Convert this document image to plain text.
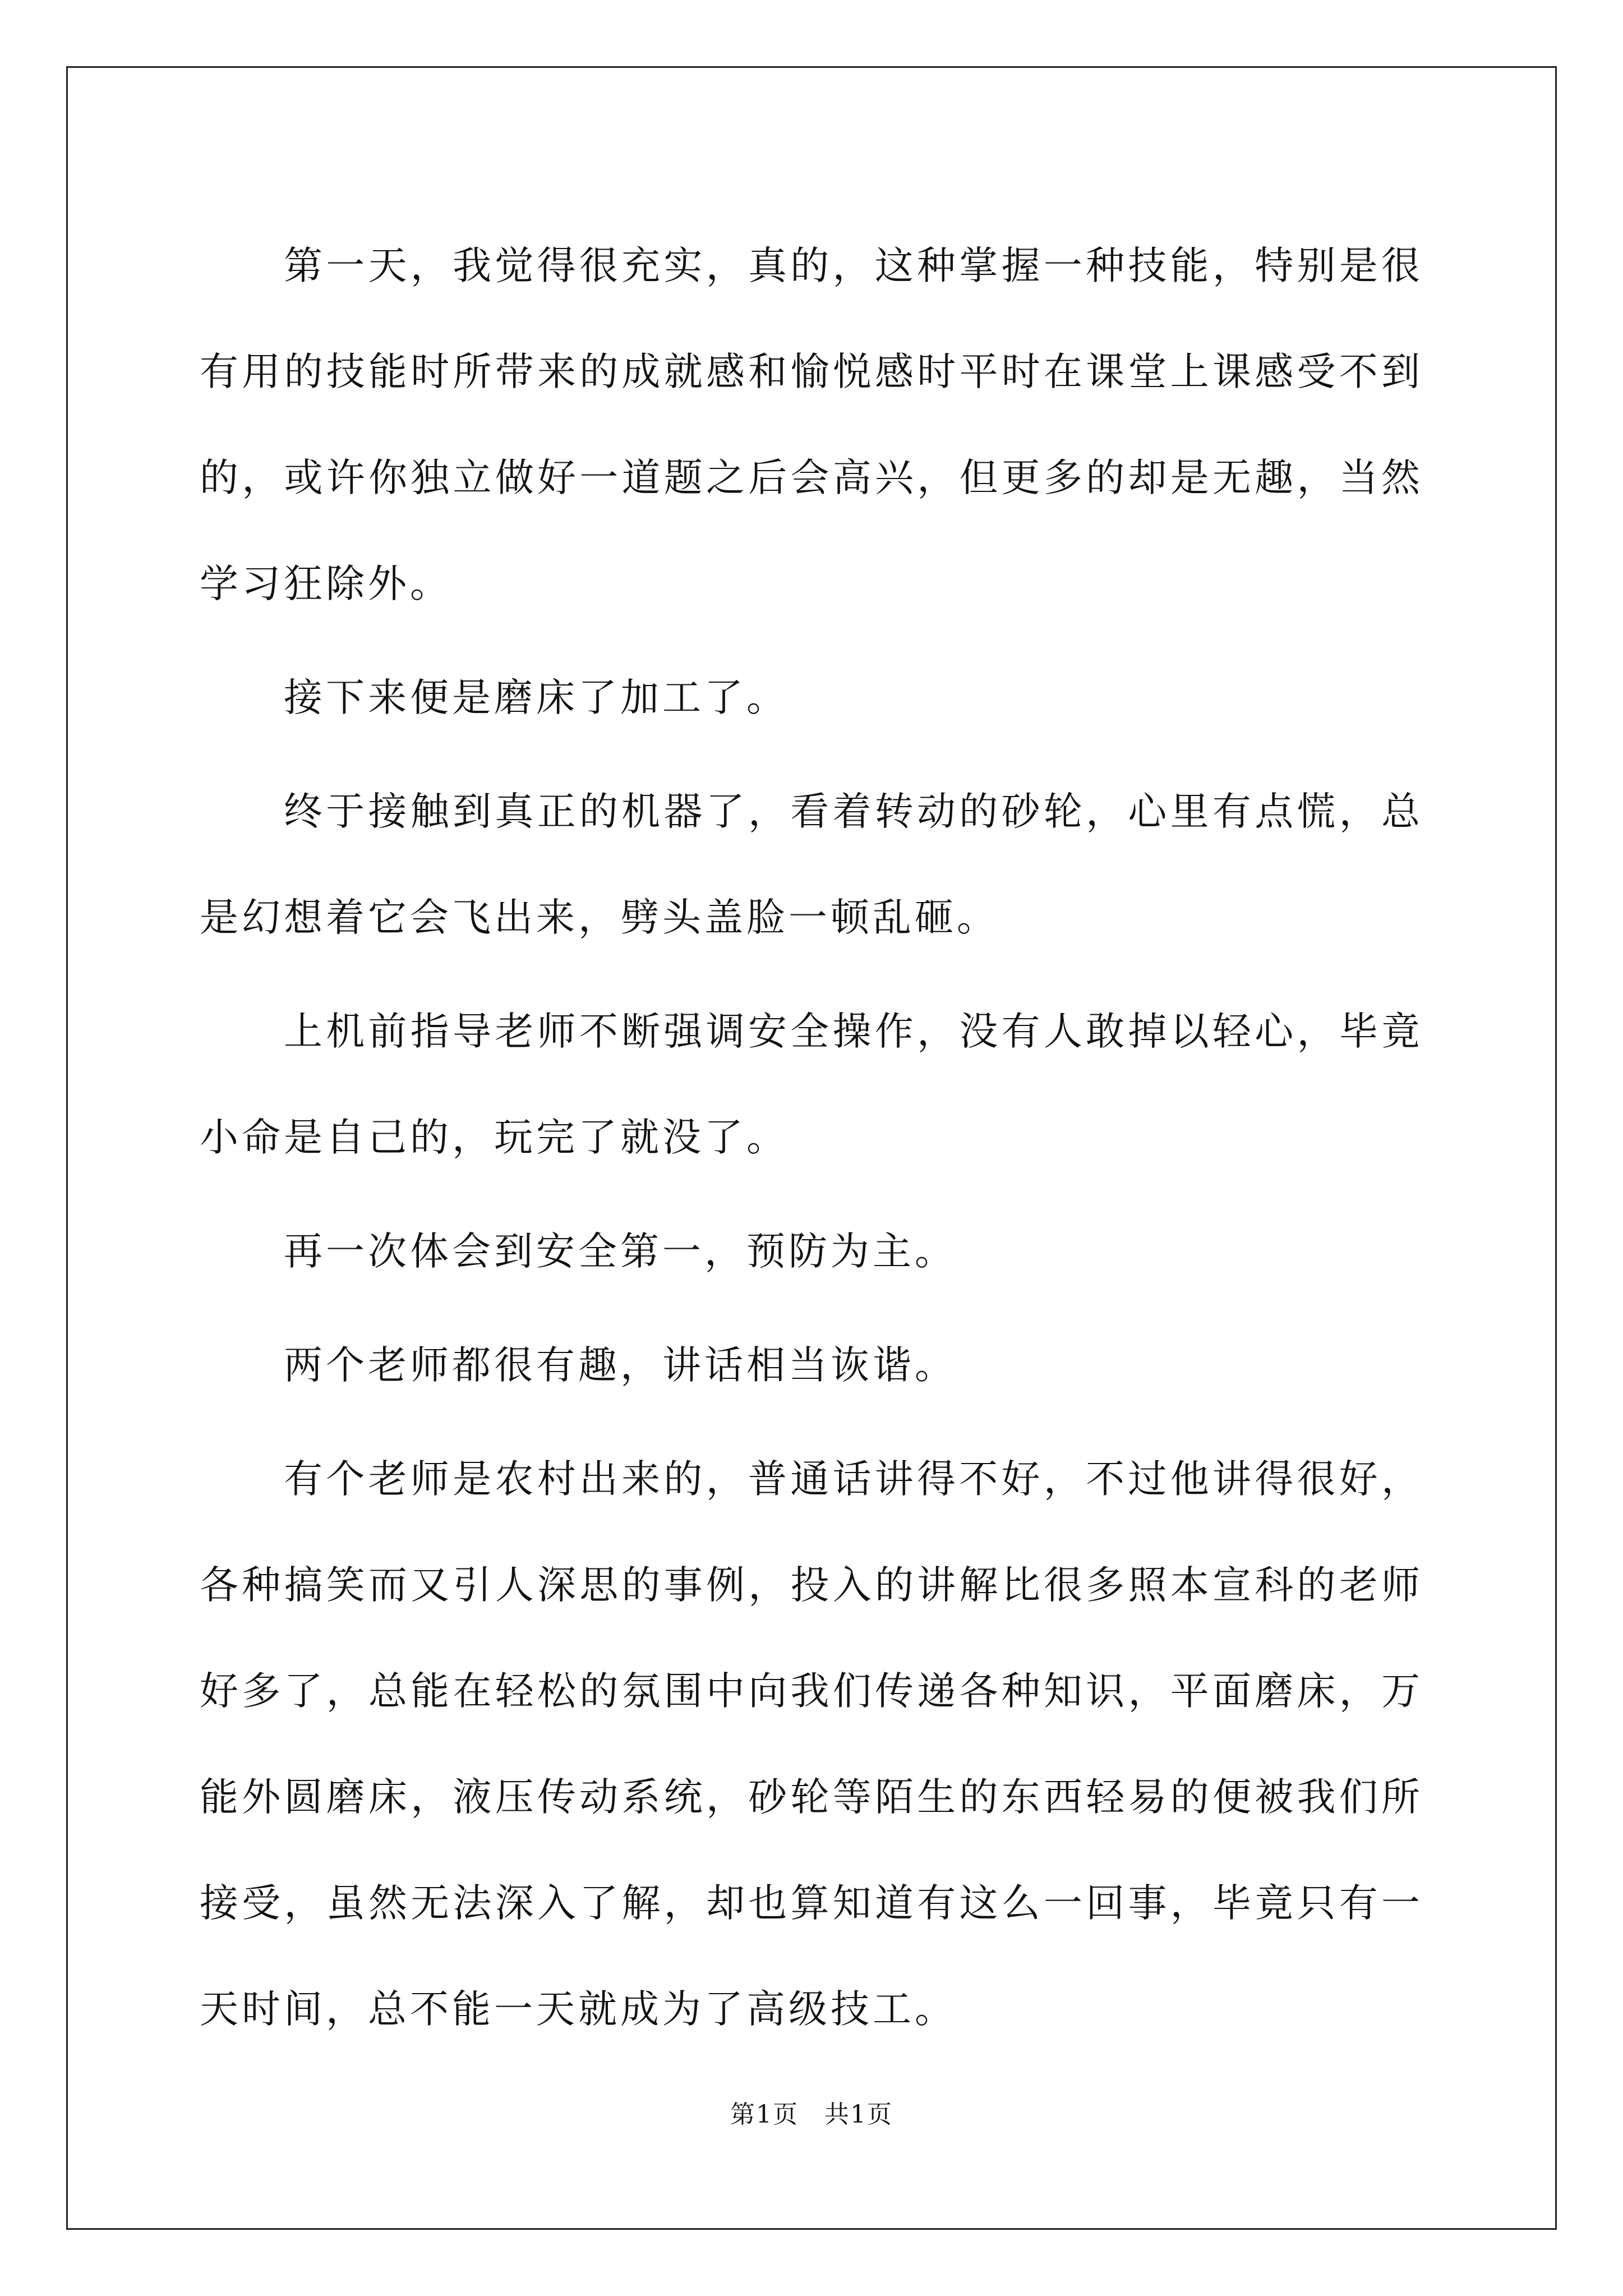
第一天，我觉得很充实，真的，这种掌握一种技能，特别是很有用的技能时所带来的成就感和愉悦感时平时在课堂上课感受不到的，或许你独立做好一道题之后会高兴，但更多的却是无趣，当然学习狂除外。

接下来便是磨床了加工了。

终于接触到真正的机器了，看着转动的砂轮，心里有点慌，总是幻想着它会飞出来，劈头盖脸一顿乱砸。

上机前指导老师不断强调安全操作，没有人敢掉以轻心，毕竟小命是自己的，玩完了就没了。

再一次体会到安全第一，预防为主。

两个老师都很有趣，讲话相当诙谐。

有个老师是农村出来的，普通话讲得不好，不过他讲得很好，各种搞笑而又引人深思的事例，投入的讲解比很多照本宣科的老师好多了，总能在轻松的氛围中向我们传递各种知识，平面磨床，万能外圆磨床，液压传动系统，砂轮等陌生的东西轻易的便被我们所接受，虽然无法深入了解，却也算知道有这么一回事，毕竟只有一天时间，总不能一天就成为了高级技工。

第1页　共1页
